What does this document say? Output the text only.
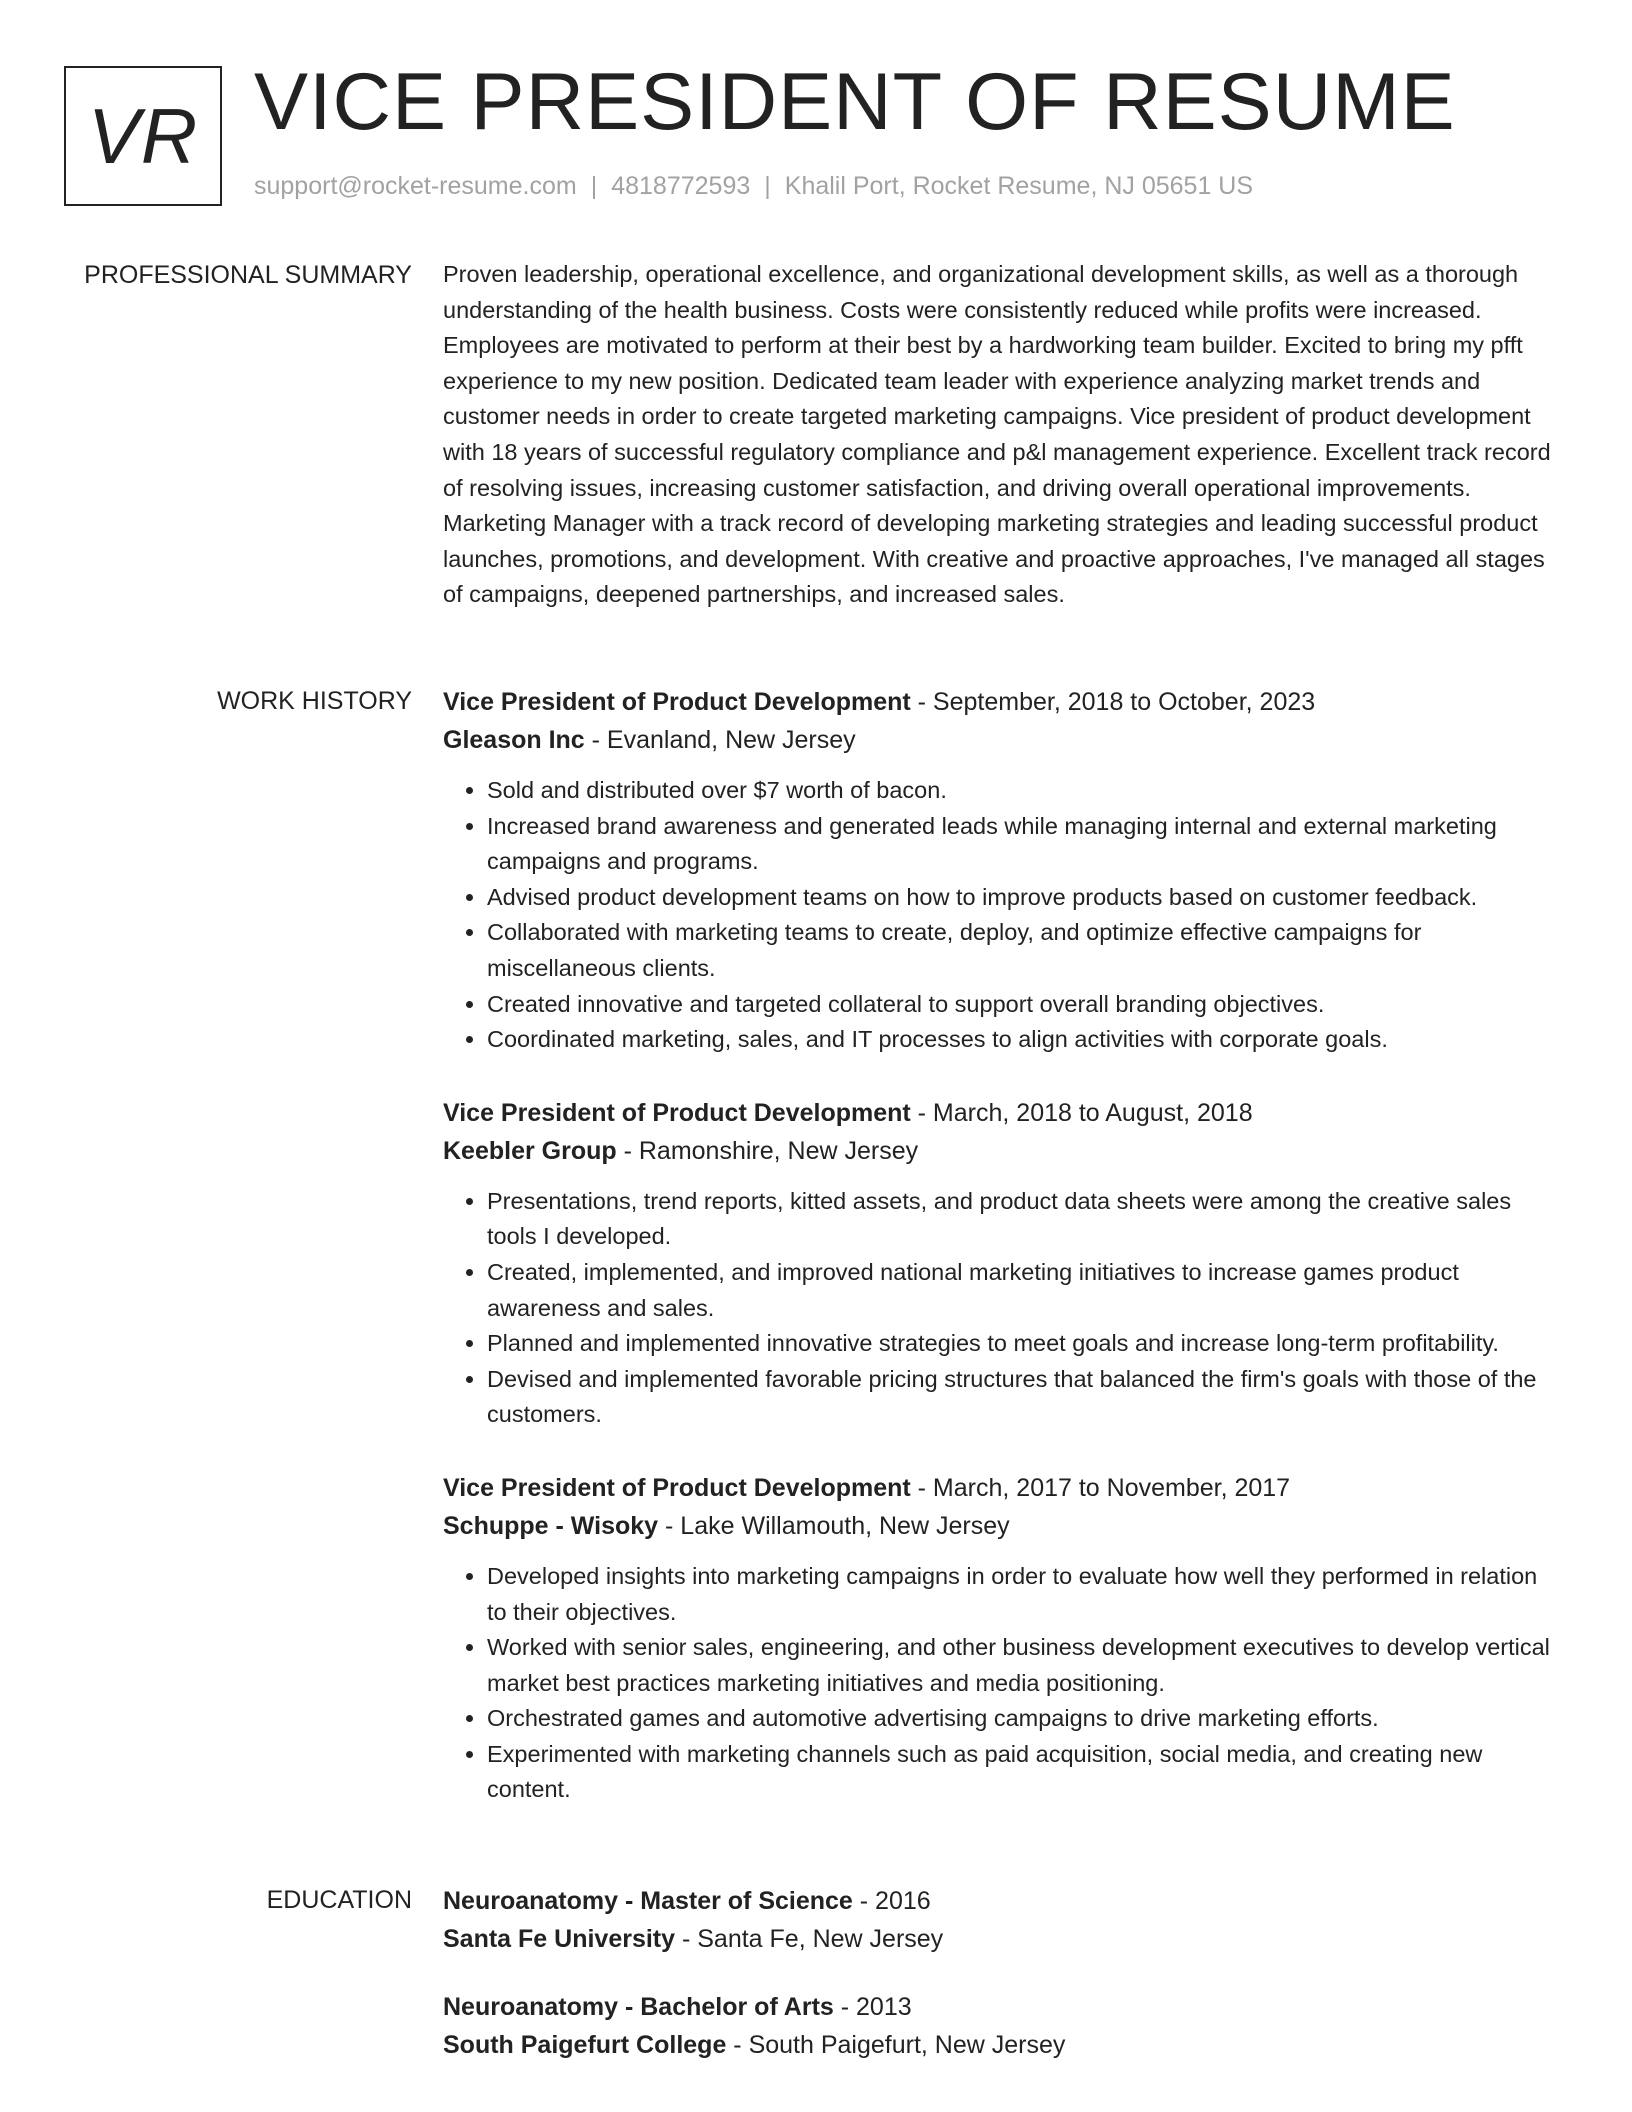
VR VICE PRESIDENT OF RESUME
support@rocket-resume.com | 4818772593 | Khalil Port, Rocket Resume, NJ 05651 US
PROFESSIONAL SUMMARY Proven leadership, operational excellence, and organizational development skills, as well as a thorough understanding of the health business. Costs were consistently reduced while profits were increased. Employees are motivated to perform at their best by a hardworking team builder. Excited to bring my pfft experience to my new position. Dedicated team leader with experience analyzing market trends and customer needs in order to create targeted marketing campaigns. Vice president of product development with 18 years of successful regulatory compliance and p&l management experience. Excellent track record of resolving issues, increasing customer satisfaction, and driving overall operational improvements. Marketing Manager with a track record of developing marketing strategies and leading successful product launches, promotions, and development. With creative and proactive approaches, I've managed all stages of campaigns, deepened partnerships, and increased sales.

WORK HISTORY Vice President of Product Development - September, 2018 to October, 2023
Gleason Inc - Evanland, New Jersey
• Sold and distributed over $7 worth of bacon.
• Increased brand awareness and generated leads while managing internal and external marketing campaigns and programs.
• Advised product development teams on how to improve products based on customer feedback.
• Collaborated with marketing teams to create, deploy, and optimize effective campaigns for miscellaneous clients.
• Created innovative and targeted collateral to support overall branding objectives.
• Coordinated marketing, sales, and IT processes to align activities with corporate goals.
Vice President of Product Development - March, 2018 to August, 2018
Keebler Group - Ramonshire, New Jersey
• Presentations, trend reports, kitted assets, and product data sheets were among the creative sales tools I developed.
• Created, implemented, and improved national marketing initiatives to increase games product awareness and sales.
• Planned and implemented innovative strategies to meet goals and increase long-term profitability.
• Devised and implemented favorable pricing structures that balanced the firm's goals with those of the customers.
Vice President of Product Development - March, 2017 to November, 2017
Schuppe - Wisoky - Lake Willamouth, New Jersey
• Developed insights into marketing campaigns in order to evaluate how well they performed in relation to their objectives.
• Worked with senior sales, engineering, and other business development executives to develop vertical market best practices marketing initiatives and media positioning.
• Orchestrated games and automotive advertising campaigns to drive marketing efforts.
• Experimented with marketing channels such as paid acquisition, social media, and creating new content.
EDUCATION Neuroanatomy - Master of Science - 2016
Santa Fe University - Santa Fe, New Jersey
Neuroanatomy - Bachelor of Arts - 2013
South Paigefurt College - South Paigefurt, New Jersey
